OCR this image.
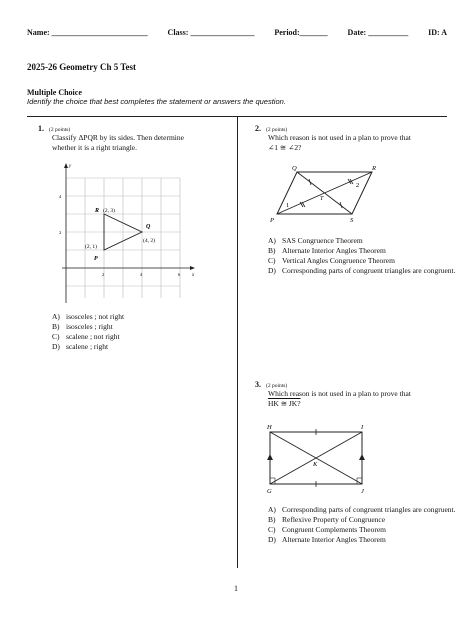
Name: ________________________ Class: ________________ Period:_______ Date: __________ ID: A
2025-26 Geometry Ch 5 Test
Multiple Choice
Identify the choice that best completes the statement or answers the question.
1. (2 points)
Classify ΔPQR by its sides. Then determine
whether it is a right triangle.
y
x
4
2
2	4	6
R (2, 3)
Q
(4, 2)
(2, 1)
P
A) isosceles ; not right
B) isosceles ; right
C) scalene ; not right
D) scalene ; right
2. (2 points)
Which reason is not used in a plan to prove that
∠1 ≅ ∠2?
Q	R
P	S
T
1
2
A) SAS Congruence Theorem
B) Alternate Interior Angles Theorem
C) Vertical Angles Congruence Theorem
D) Corresponding parts of congruent triangles are congruent.
3. (2 points)
Which reason is not used in a plan to prove that
HK ≅ JK?
H	I
G	J
K
A) Corresponding parts of congruent triangles are congruent.
B) Reflexive Property of Congruence
C) Congruent Complements Theorem
D) Alternate Interior Angles Theorem
1
